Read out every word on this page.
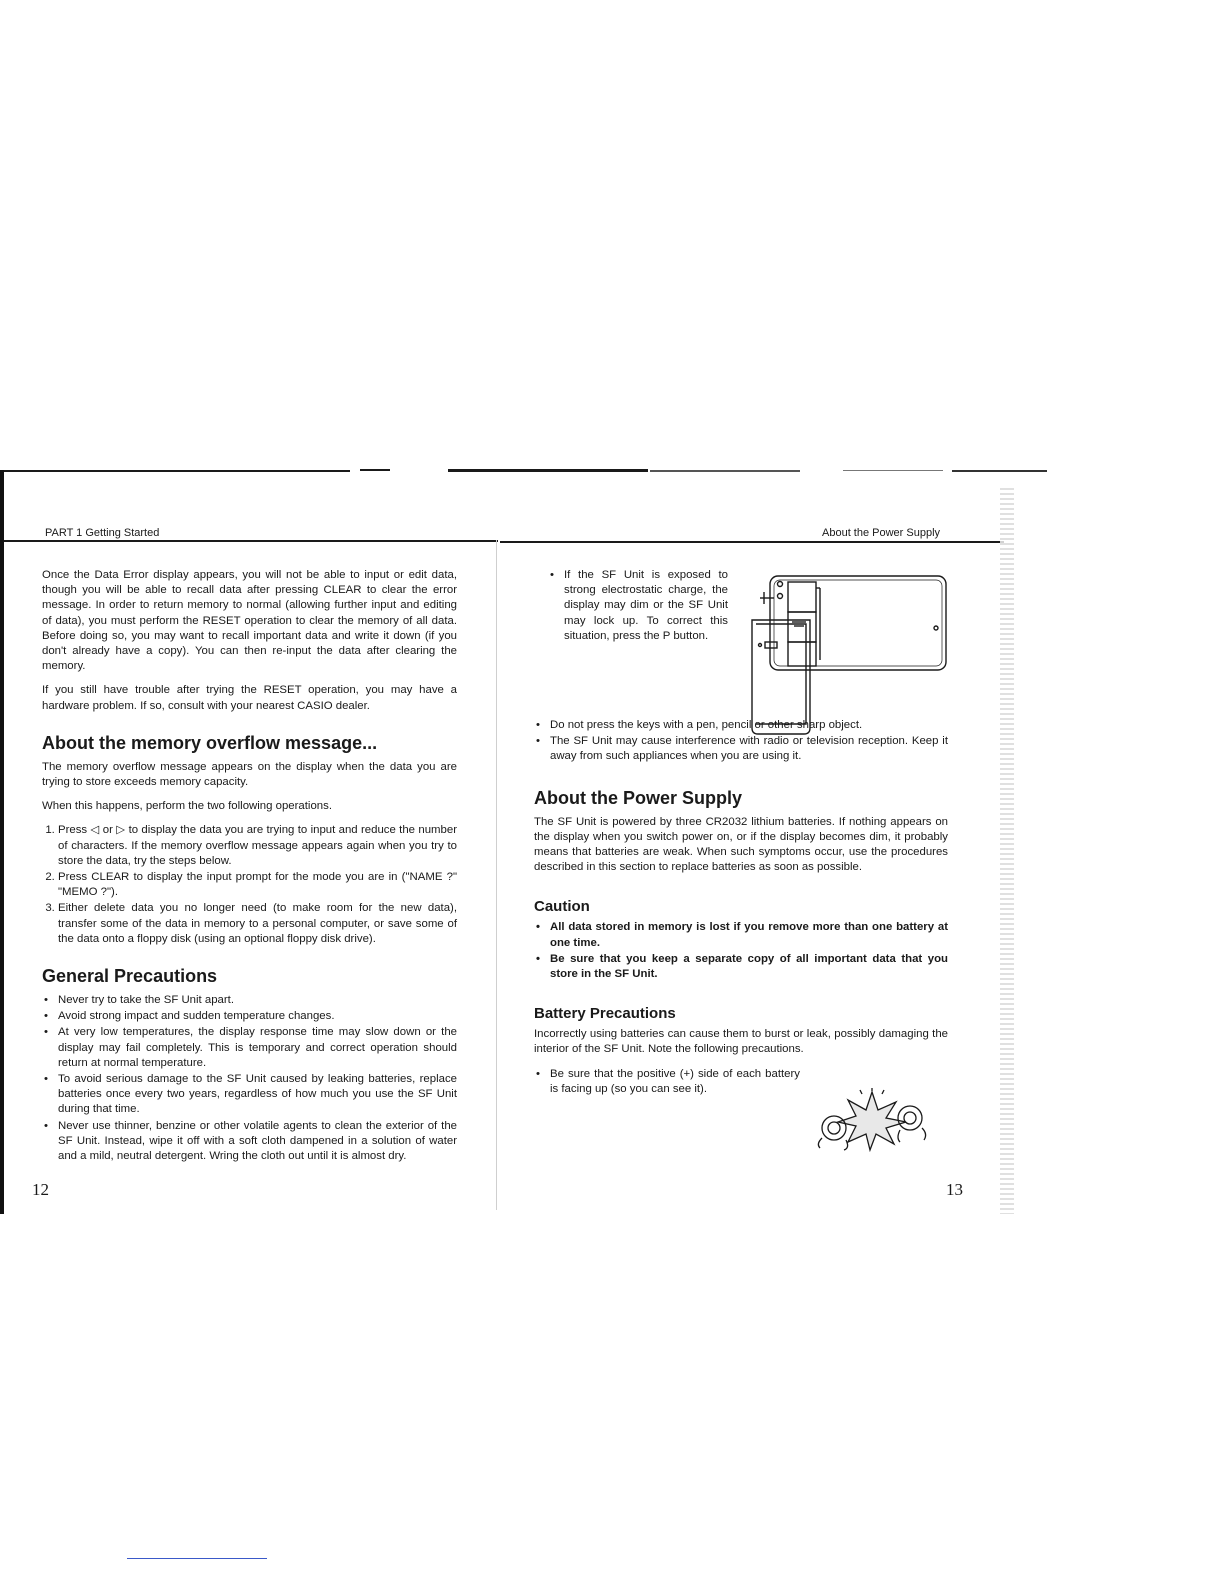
PART 1 Getting Started	About the Power Supply

Once the Data Error display appears, you will not be able to input or edit data, though you will be able to recall data after pressing CLEAR to clear the error message. In order to return memory to normal (allowing further input and editing of data), you must perform the RESET operation to clear the memory of all data. Before doing so, you may want to recall important data and write it down (if you don't already have a copy). You can then re-input the data after clearing the memory.

If you still have trouble after trying the RESET operation, you may have a hardware problem. If so, consult with your nearest CASIO dealer.

About the memory overflow message...

The memory overflow message appears on the display when the data you are trying to store exceeds memory capacity.

When this happens, perform the two following operations.

1. Press ◁ or ▷ to display the data you are trying to input and reduce the number of characters. If the memory overflow message appears again when you try to store the data, try the steps below.
2. Press CLEAR to display the input prompt for the mode you are in ("NAME ?" "MEMO ?").
3. Either delete data you no longer need (to make room for the new data), transfer some of the data in memory to a personal computer, or save some of the data onto a floppy disk (using an optional floppy disk drive).
General Precautions
• Never try to take the SF Unit apart.
• Avoid strong impact and sudden temperature changes.
• At very low temperatures, the display response time may slow down or the display may fail completely. This is temporary and correct operation should return at normal temperature.
• To avoid serious damage to the SF Unit caused by leaking batteries, replace batteries once every two years, regardless of how much you use the SF Unit during that time.
• Never use thinner, benzine or other volatile agents to clean the exterior of the SF Unit. Instead, wipe it off with a soft cloth dampened in a solution of water and a mild, neutral detergent. Wring the cloth out until it is almost dry.
12
• If the SF Unit is exposed to strong electrostatic charge, the display may dim or the SF Unit may lock up. To correct this situation, press the P button.
• Do not press the keys with a pen, pencil or other sharp object.
• The SF Unit may cause interference with radio or television reception. Keep it away from such appliances when you are using it.
About the Power Supply

The SF Unit is powered by three CR2032 lithium batteries. If nothing appears on the display when you switch power on, or if the display becomes dim, it probably means that batteries are weak. When such symptoms occur, use the procedures described in this section to replace batteries as soon as possible.

Caution
• All data stored in memory is lost if you remove more than one battery at one time.
• Be sure that you keep a separate copy of all important data that you store in the SF Unit.
Battery Precautions

Incorrectly using batteries can cause them to burst or leak, possibly damaging the interior of the SF Unit. Note the following precautions.

• Be sure that the positive (+) side of each battery is facing up (so you can see it).
13
